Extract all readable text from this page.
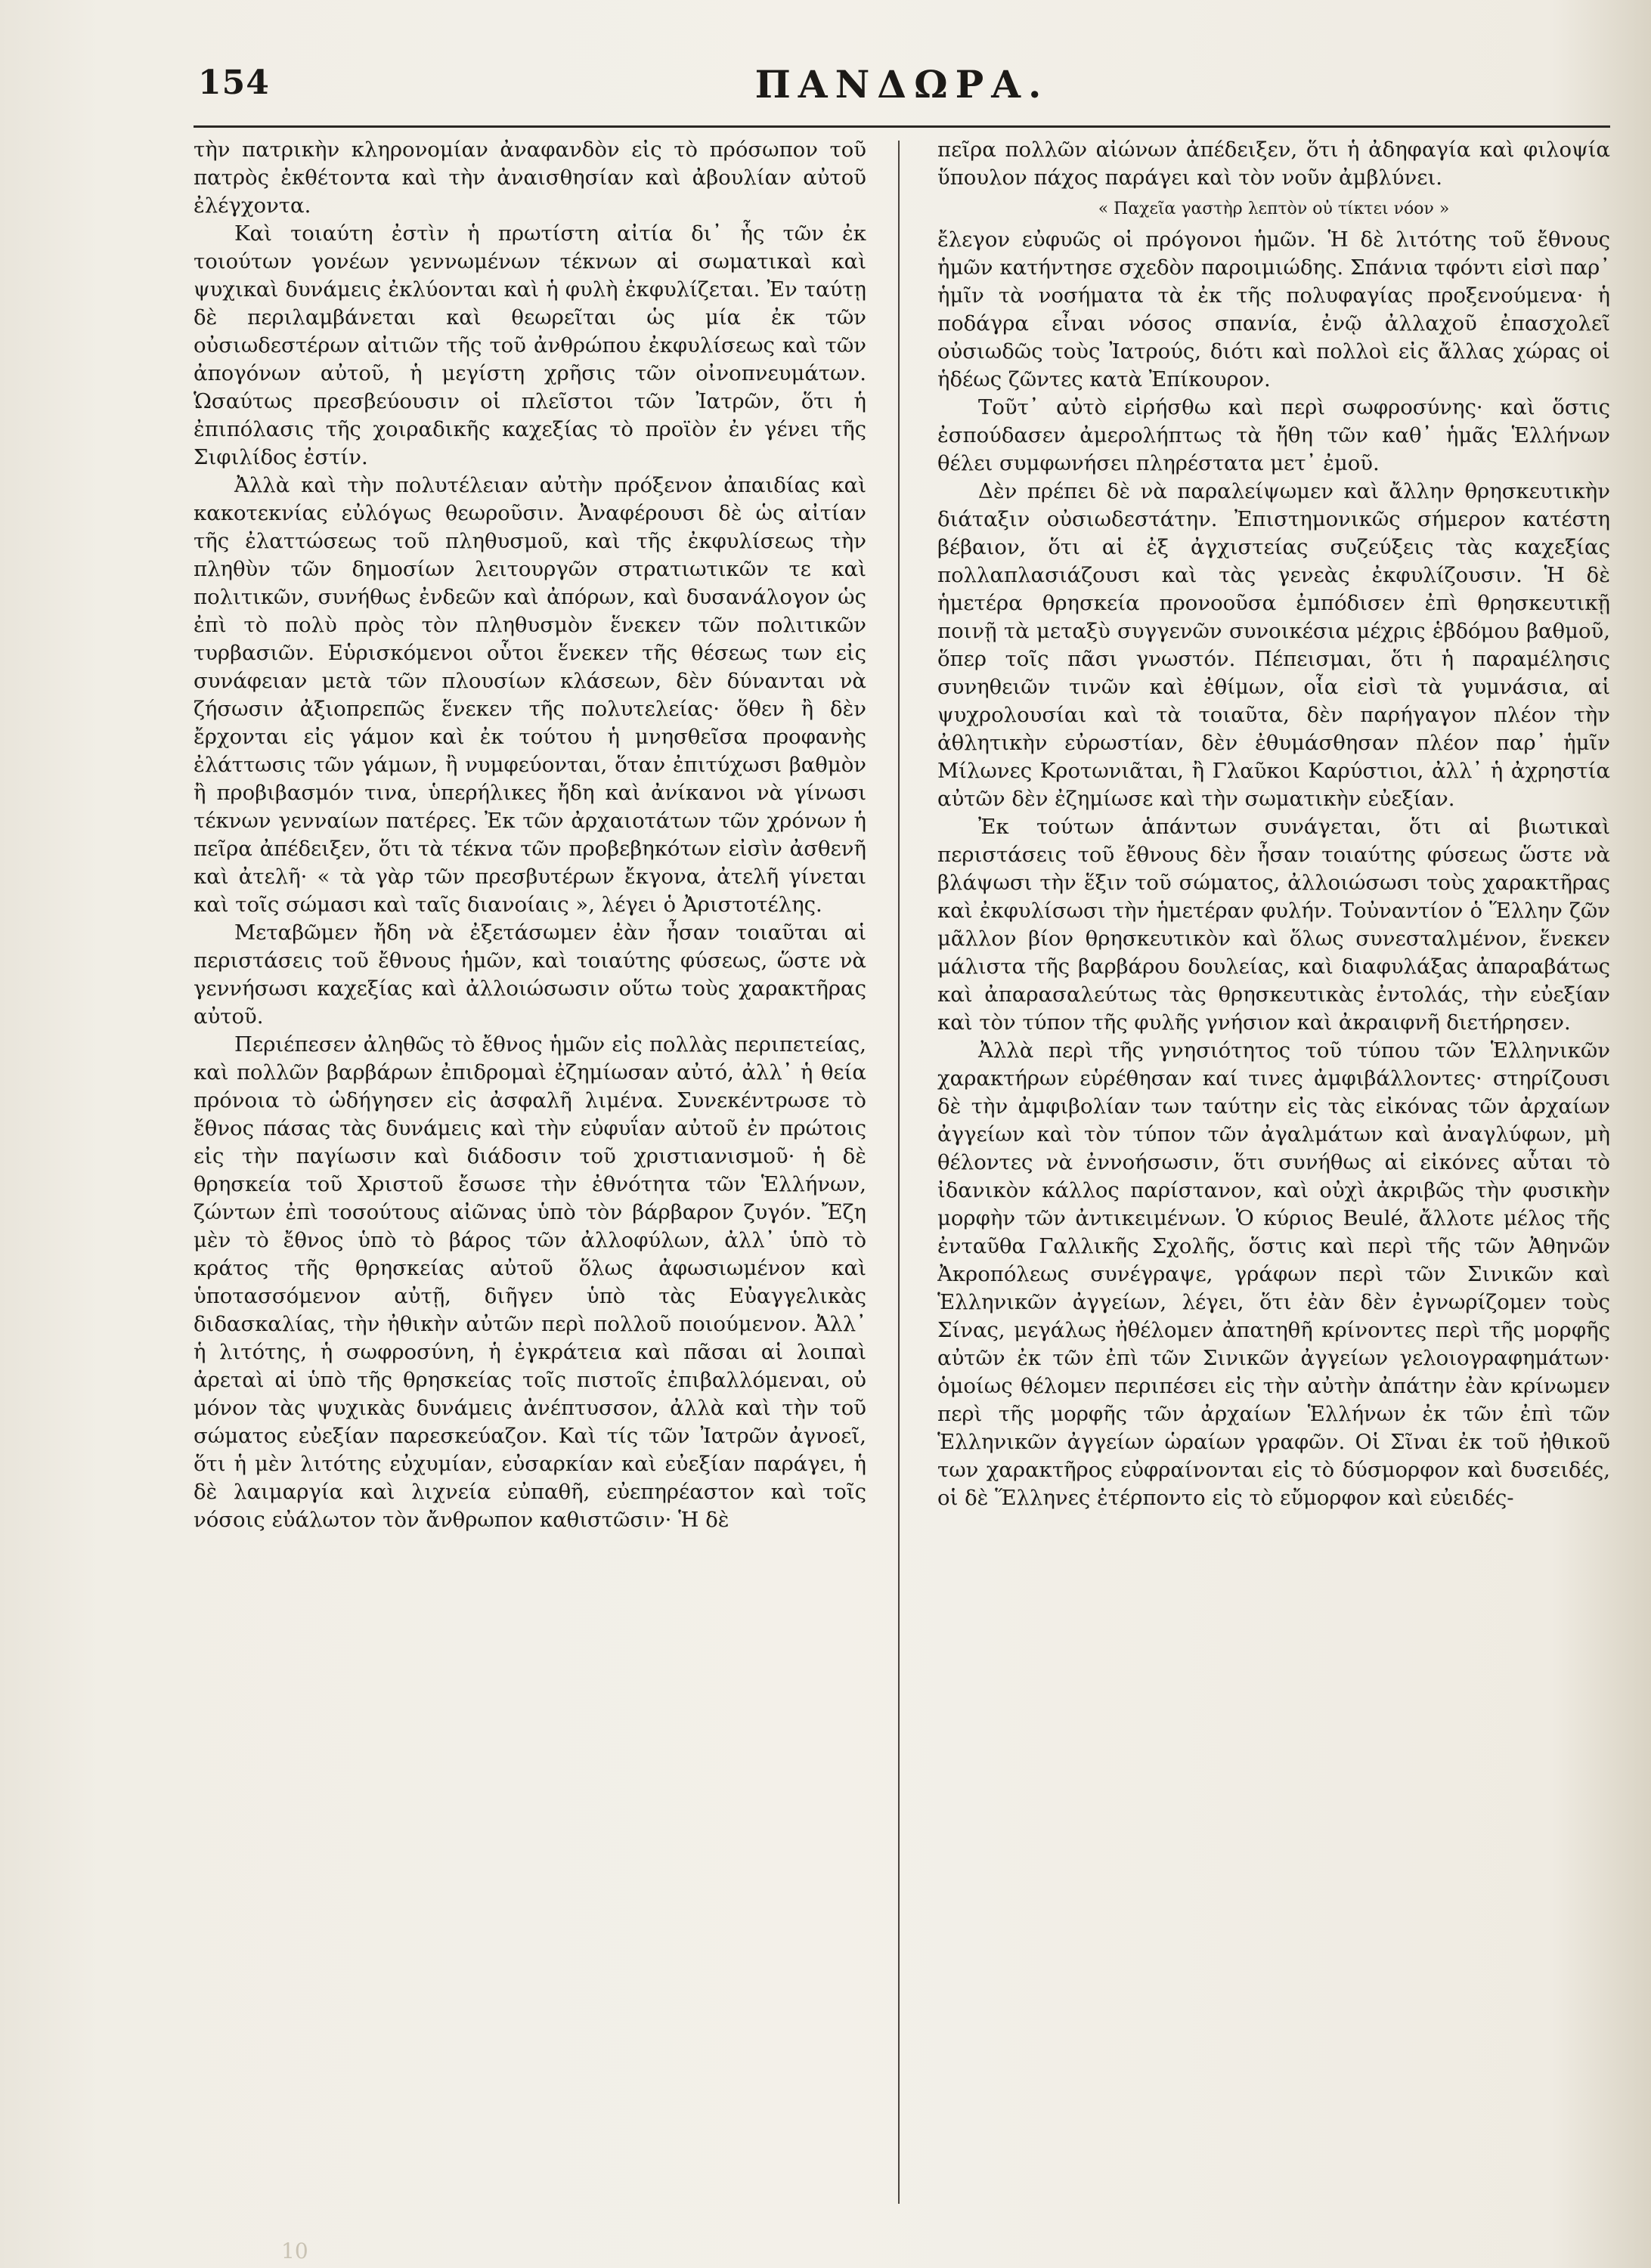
154	ΠΑΝΔΩΡΑ.

τὴν πατρικὴν κληρονομίαν ἀναφανδὸν εἰς τὸ πρόσωπον τοῦ πατρὸς ἐκθέτοντα καὶ τὴν ἀναισθησίαν καὶ ἀβουλίαν αὐτοῦ ἐλέγχοντα.

Καὶ τοιαύτη ἐστὶν ἡ πρωτίστη αἰτία δι᾽ ἧς τῶν ἐκ τοιούτων γονέων γεννωμένων τέκνων αἱ σωματικαὶ καὶ ψυχικαὶ δυνάμεις ἐκλύονται καὶ ἡ φυλὴ ἐκφυλίζεται. Ἐν ταύτῃ δὲ περιλαμβάνεται καὶ θεωρεῖται ὡς μία ἐκ τῶν οὐσιωδεστέρων αἰτιῶν τῆς τοῦ ἀνθρώπου ἐκφυλίσεως καὶ τῶν ἀπογόνων αὐτοῦ, ἡ μεγίστη χρῆσις τῶν οἰνοπνευμάτων. Ὡσαύτως πρεσβεύουσιν οἱ πλεῖστοι τῶν Ἰατρῶν, ὅτι ἡ ἐπιπόλασις τῆς χοιραδικῆς καχεξίας τὸ προϊὸν ἐν γένει τῆς Σιφιλίδος ἐστίν.

Ἀλλὰ καὶ τὴν πολυτέλειαν αὐτὴν πρόξενον ἀπαιδίας καὶ κακοτεκνίας εὐλόγως θεωροῦσιν. Ἀναφέρουσι δὲ ὡς αἰτίαν τῆς ἐλαττώσεως τοῦ πληθυσμοῦ, καὶ τῆς ἐκφυλίσεως τὴν πληθὺν τῶν δημοσίων λειτουργῶν στρατιωτικῶν τε καὶ πολιτικῶν, συνήθως ἐνδεῶν καὶ ἀπόρων, καὶ δυσανάλογον ὡς ἐπὶ τὸ πολὺ πρὸς τὸν πληθυσμὸν ἕνεκεν τῶν πολιτικῶν τυρβασιῶν. Εὑρισκόμενοι οὗτοι ἕνεκεν τῆς θέσεως των εἰς συνάφειαν μετὰ τῶν πλουσίων κλάσεων, δὲν δύνανται νὰ ζήσωσιν ἀξιοπρεπῶς ἕνεκεν τῆς πολυτελείας· ὅθεν ἢ δὲν ἔρχονται εἰς γάμον καὶ ἐκ τούτου ἡ μνησθεῖσα προφανὴς ἐλάττωσις τῶν γάμων, ἢ νυμφεύονται, ὅταν ἐπιτύχωσι βαθμὸν ἢ προβιβασμόν τινα, ὑπερήλικες ἤδη καὶ ἀνίκανοι νὰ γίνωσι τέκνων γενναίων πατέρες. Ἐκ τῶν ἀρχαιοτάτων τῶν χρόνων ἡ πεῖρα ἀπέδειξεν, ὅτι τὰ τέκνα τῶν προβεβηκότων εἰσὶν ἀσθενῆ καὶ ἀτελῆ· « τὰ γὰρ τῶν πρεσβυτέρων ἔκγονα, ἀτελῆ γίνεται καὶ τοῖς σώμασι καὶ ταῖς διανοίαις », λέγει ὁ Ἀριστοτέλης.

Μεταβῶμεν ἤδη νὰ ἐξετάσωμεν ἐὰν ἦσαν τοιαῦται αἱ περιστάσεις τοῦ ἔθνους ἡμῶν, καὶ τοιαύτης φύσεως, ὥστε νὰ γεννήσωσι καχεξίας καὶ ἀλλοιώσωσιν οὕτω τοὺς χαρακτῆρας αὐτοῦ.

Περιέπεσεν ἀληθῶς τὸ ἔθνος ἡμῶν εἰς πολλὰς περιπετείας, καὶ πολλῶν βαρβάρων ἐπιδρομαὶ ἐζημίωσαν αὐτό, ἀλλ᾽ ἡ θεία πρόνοια τὸ ὡδήγησεν εἰς ἀσφαλῆ λιμένα. Συνεκέντρωσε τὸ ἔθνος πάσας τὰς δυνάμεις καὶ τὴν εὐφυΐαν αὐτοῦ ἐν πρώτοις εἰς τὴν παγίωσιν καὶ διάδοσιν τοῦ χριστιανισμοῦ· ἡ δὲ θρησκεία τοῦ Χριστοῦ ἔσωσε τὴν ἐθνότητα τῶν Ἑλλήνων, ζώντων ἐπὶ τοσούτους αἰῶνας ὑπὸ τὸν βάρβαρον ζυγόν. Ἔζη μὲν τὸ ἔθνος ὑπὸ τὸ βάρος τῶν ἀλλοφύλων, ἀλλ᾽ ὑπὸ τὸ κράτος τῆς θρησκείας αὐτοῦ ὅλως ἀφωσιωμένον καὶ ὑποτασσόμενον αὐτῇ, διῆγεν ὑπὸ τὰς Εὐαγγελικὰς διδασκαλίας, τὴν ἠθικὴν αὐτῶν περὶ πολλοῦ ποιούμενον. Ἀλλ᾽ ἡ λιτότης, ἡ σωφροσύνη, ἡ ἐγκράτεια καὶ πᾶσαι αἱ λοιπαὶ ἀρεταὶ αἱ ὑπὸ τῆς θρησκείας τοῖς πιστοῖς ἐπιβαλλόμεναι, οὐ μόνον τὰς ψυχικὰς δυνάμεις ἀνέπτυσσον, ἀλλὰ καὶ τὴν τοῦ σώματος εὐεξίαν παρεσκεύαζον. Καὶ τίς τῶν Ἰατρῶν ἀγνοεῖ, ὅτι ἡ μὲν λιτότης εὐχυμίαν, εὐσαρκίαν καὶ εὐεξίαν παράγει, ἡ δὲ λαιμαργία καὶ λιχνεία εὐπαθῆ, εὐεπηρέαστον καὶ τοῖς νόσοις εὐάλωτον τὸν ἄνθρωπον καθιστῶσιν· Ἡ δὲ

πεῖρα πολλῶν αἰώνων ἀπέδειξεν, ὅτι ἡ ἀδηφαγία καὶ φιλοψία ὕπουλον πάχος παράγει καὶ τὸν νοῦν ἀμβλύνει.

« Παχεῖα γαστὴρ λεπτὸν οὐ τίκτει νόον »

ἔλεγον εὐφυῶς οἱ πρόγονοι ἡμῶν. Ἡ δὲ λιτότης τοῦ ἔθνους ἡμῶν κατήντησε σχεδὸν παροιμιώδης. Σπάνια τφόντι εἰσὶ παρ᾽ ἡμῖν τὰ νοσήματα τὰ ἐκ τῆς πολυφαγίας προξενούμενα· ἡ ποδάγρα εἶναι νόσος σπανία, ἐνῷ ἀλλαχοῦ ἐπασχολεῖ οὐσιωδῶς τοὺς Ἰατρούς, διότι καὶ πολλοὶ εἰς ἄλλας χώρας οἱ ἡδέως ζῶντες κατὰ Ἐπίκουρον.

Τοῦτ᾽ αὐτὸ εἰρήσθω καὶ περὶ σωφροσύνης· καὶ ὅστις ἐσπούδασεν ἀμερολήπτως τὰ ἤθη τῶν καθ᾽ ἡμᾶς Ἑλλήνων θέλει συμφωνήσει πληρέστατα μετ᾽ ἐμοῦ.

Δὲν πρέπει δὲ νὰ παραλείψωμεν καὶ ἄλλην θρησκευτικὴν διάταξιν οὐσιωδεστάτην. Ἐπιστημονικῶς σήμερον κατέστη βέβαιον, ὅτι αἱ ἐξ ἀγχιστείας συζεύξεις τὰς καχεξίας πολλαπλασιάζουσι καὶ τὰς γενεὰς ἐκφυλίζουσιν. Ἡ δὲ ἡμετέρα θρησκεία προνοοῦσα ἐμπόδισεν ἐπὶ θρησκευτικῇ ποινῇ τὰ μεταξὺ συγγενῶν συνοικέσια μέχρις ἑβδόμου βαθμοῦ, ὅπερ τοῖς πᾶσι γνωστόν. Πέπεισμαι, ὅτι ἡ παραμέλησις συνηθειῶν τινῶν καὶ ἐθίμων, οἷα εἰσὶ τὰ γυμνάσια, αἱ ψυχρολουσίαι καὶ τὰ τοιαῦτα, δὲν παρήγαγον πλέον τὴν ἀθλητικὴν εὐρωστίαν, δὲν ἐθυμάσθησαν πλέον παρ᾽ ἡμῖν Μίλωνες Κροτωνιᾶται, ἢ Γλαῦκοι Καρύστιοι, ἀλλ᾽ ἡ ἀχρηστία αὐτῶν δὲν ἐζημίωσε καὶ τὴν σωματικὴν εὐεξίαν.

Ἐκ τούτων ἁπάντων συνάγεται, ὅτι αἱ βιωτικαὶ περιστάσεις τοῦ ἔθνους δὲν ἦσαν τοιαύτης φύσεως ὥστε νὰ βλάψωσι τὴν ἕξιν τοῦ σώματος, ἀλλοιώσωσι τοὺς χαρακτῆρας καὶ ἐκφυλίσωσι τὴν ἡμετέραν φυλήν. Τοὐναντίον ὁ Ἕλλην ζῶν μᾶλλον βίον θρησκευτικὸν καὶ ὅλως συνεσταλμένον, ἕνεκεν μάλιστα τῆς βαρβάρου δουλείας, καὶ διαφυλάξας ἀπαραβάτως καὶ ἀπαρασαλεύτως τὰς θρησκευτικὰς ἐντολάς, τὴν εὐεξίαν καὶ τὸν τύπον τῆς φυλῆς γνήσιον καὶ ἀκραιφνῆ διετήρησεν.

Ἀλλὰ περὶ τῆς γνησιότητος τοῦ τύπου τῶν Ἑλληνικῶν χαρακτήρων εὑρέθησαν καί τινες ἀμφιβάλλοντες· στηρίζουσι δὲ τὴν ἀμφιβολίαν των ταύτην εἰς τὰς εἰκόνας τῶν ἀρχαίων ἀγγείων καὶ τὸν τύπον τῶν ἀγαλμάτων καὶ ἀναγλύφων, μὴ θέλοντες νὰ ἐννοήσωσιν, ὅτι συνήθως αἱ εἰκόνες αὗται τὸ ἰδανικὸν κάλλος παρίστανον, καὶ οὐχὶ ἀκριβῶς τὴν φυσικὴν μορφὴν τῶν ἀντικειμένων. Ὁ κύριος Beulé, ἄλλοτε μέλος τῆς ἐνταῦθα Γαλλικῆς Σχολῆς, ὅστις καὶ περὶ τῆς τῶν Ἀθηνῶν Ἀκροπόλεως συνέγραψε, γράφων περὶ τῶν Σινικῶν καὶ Ἑλληνικῶν ἀγγείων, λέγει, ὅτι ἐὰν δὲν ἐγνωρίζομεν τοὺς Σίνας, μεγάλως ἠθέλομεν ἀπατηθῆ κρίνοντες περὶ τῆς μορφῆς αὐτῶν ἐκ τῶν ἐπὶ τῶν Σινικῶν ἀγγείων γελοιογραφημάτων· ὁμοίως θέλομεν περιπέσει εἰς τὴν αὐτὴν ἀπάτην ἐὰν κρίνωμεν περὶ τῆς μορφῆς τῶν ἀρχαίων Ἑλλήνων ἐκ τῶν ἐπὶ τῶν Ἑλληνικῶν ἀγγείων ὡραίων γραφῶν. Οἱ Σῖναι ἐκ τοῦ ἠθικοῦ των χαρακτῆρος εὐφραίνονται εἰς τὸ δύσμορφον καὶ δυσειδές, οἱ δὲ Ἕλληνες ἐτέρποντο εἰς τὸ εὔμορφον καὶ εὐειδές-

10
